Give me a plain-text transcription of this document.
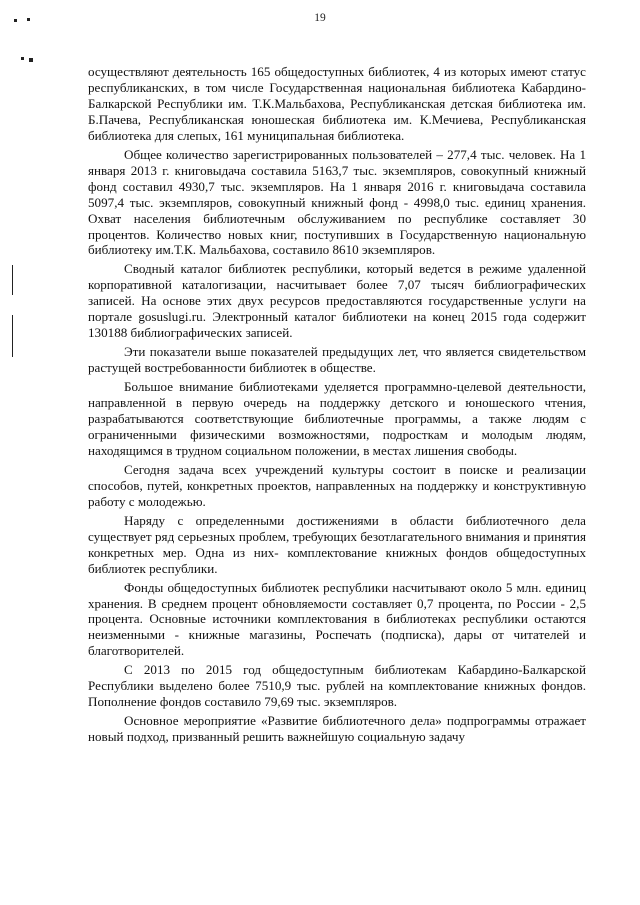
19

осуществляют деятельность 165 общедоступных библиотек, 4 из которых имеют статус республиканских, в том числе Государственная национальная библиотека Кабардино-Балкарской Республики им. Т.К.Мальбахова, Республиканская детская библиотека им. Б.Пачева, Республиканская юношеская библиотека им. К.Мечиева, Республиканская библиотека для слепых, 161 муниципальная библиотека.

Общее количество зарегистрированных пользователей – 277,4 тыс. человек. На 1 января 2013 г. книговыдача составила 5163,7 тыс. экземпляров, совокупный книжный фонд составил 4930,7 тыс. экземпляров. На 1 января 2016 г. книговыдача составила 5097,4 тыс. экземпляров, совокупный книжный фонд - 4998,0 тыс. единиц хранения. Охват населения библиотечным обслуживанием по республике составляет 30 процентов. Количество новых книг, поступивших в Государственную национальную библиотеку им.Т.К. Мальбахова, составило 8610 экземпляров.

Сводный каталог библиотек республики, который ведется в режиме удаленной корпоративной каталогизации, насчитывает более 7,07 тысяч библиографических записей. На основе этих двух ресурсов предоставляются государственные услуги на портале gosuslugi.ru. Электронный каталог библиотеки на конец 2015 года содержит 130188 библиографических записей.

Эти показатели выше показателей предыдущих лет, что является свидетельством растущей востребованности библиотек в обществе.

Большое внимание библиотеками уделяется программно-целевой деятельности, направленной в первую очередь на поддержку детского и юношеского чтения, разрабатываются соответствующие библиотечные программы, а также людям с ограниченными физическими возможностями, подросткам и молодым людям, находящимся в трудном социальном положении, в местах лишения свободы.

Сегодня задача всех учреждений культуры состоит в поиске и реализации способов, путей, конкретных проектов, направленных на поддержку и конструктивную работу с молодежью.

Наряду с определенными достижениями в области библиотечного дела существует ряд серьезных проблем, требующих безотлагательного внимания и принятия конкретных мер. Одна из них- комплектование книжных фондов общедоступных библиотек республики.

Фонды общедоступных библиотек республики насчитывают около 5 млн. единиц хранения. В среднем процент обновляемости составляет 0,7 процента, по России - 2,5 процента. Основные источники комплектования в библиотеках республики остаются неизменными - книжные магазины, Роспечать (подписка), дары от читателей и благотворителей.

С 2013 по 2015 год общедоступным библиотекам Кабардино-Балкарской Республики выделено более 7510,9 тыс. рублей на комплектование книжных фондов. Пополнение фондов составило 79,69 тыс. экземпляров.

Основное мероприятие «Развитие библиотечного дела» подпрограммы отражает новый подход, призванный решить важнейшую социальную задачу
